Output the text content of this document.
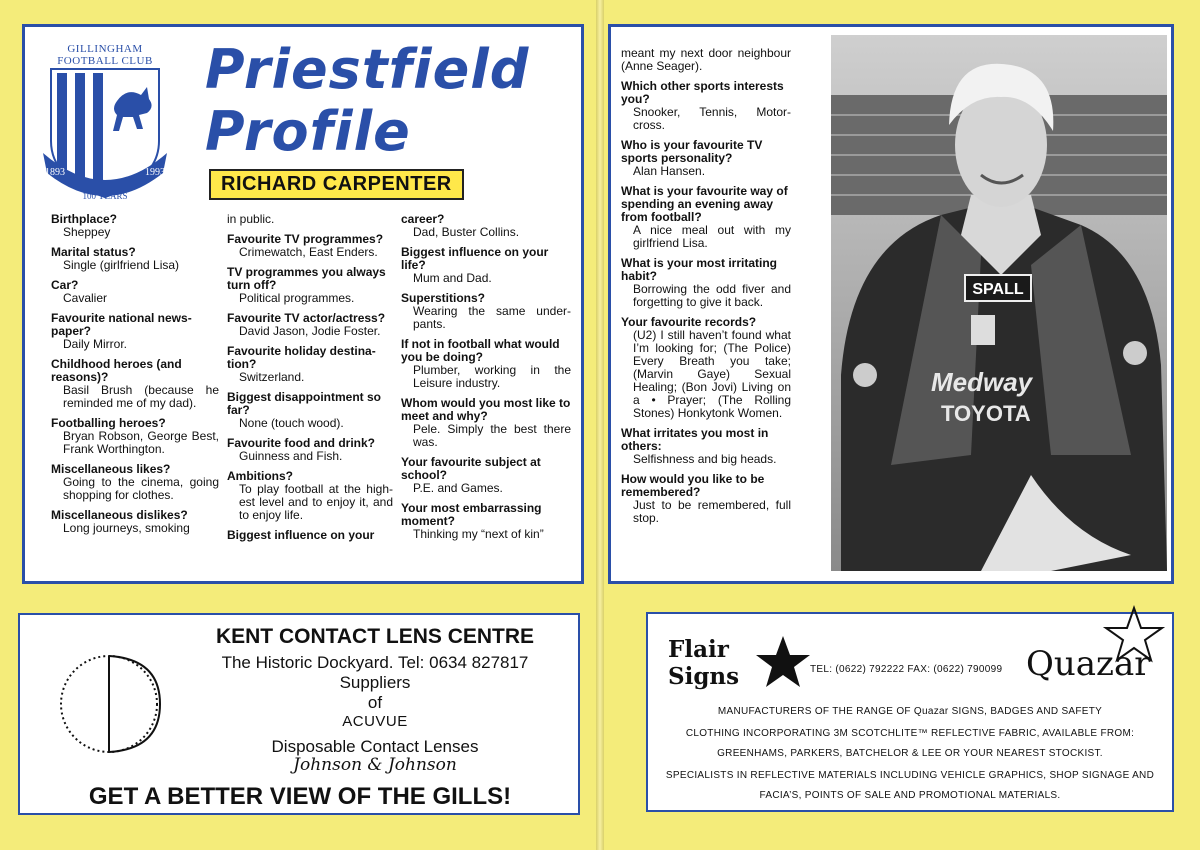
GILLINGHAM
FOOTBALL CLUB
1893	1993
100 YEARS
Priestfield
Profile
RICHARD CARPENTER
Birthplace?
Sheppey
Marital status?
Single (girlfriend Lisa)
Car?
Cavalier
Favourite national news-paper?
Daily Mirror.
Childhood heroes (and reasons)?
Basil Brush (because he reminded me of my dad).
Footballing heroes?
Bryan Robson, George Best, Frank Worthington.
Miscellaneous likes?
Going to the cinema, going shopping for clothes.
Miscellaneous dislikes?
Long journeys, smoking
in public.
Favourite TV programmes?
Crimewatch, East Enders.
TV programmes you always turn off?
Political programmes.
Favourite TV actor/actress?
David Jason, Jodie Foster.
Favourite holiday destina-tion?
Switzerland.
Biggest disappointment so far?
None (touch wood).
Favourite food and drink?
Guinness and Fish.
Ambitions?
To play football at the high-est level and to enjoy it, and to enjoy life.
Biggest influence on your
career?
Dad, Buster Collins.
Biggest influence on your life?
Mum and Dad.
Superstitions?
Wearing the same under-pants.
If not in football what would you be doing?
Plumber, working in the Leisure industry.
Whom would you most like to meet and why?
Pele. Simply the best there was.
Your favourite subject at school?
P.E. and Games.
Your most embarrassing moment?
Thinking my “next of kin”
meant my next door neighbour (Anne Seager).
Which other sports interests you?
Snooker, Tennis, Motor-cross.
Who is your favourite TV sports personality?
Alan Hansen.
What is your favourite way of spending an evening away from football?
A nice meal out with my girlfriend Lisa.
What is your most irritating habit?
Borrowing the odd fiver and forgetting to give it back.
Your favourite records?
(U2) I still haven’t found what I’m looking for; (The Police) Every Breath you take; (Marvin Gaye) Sexual Healing; (Bon Jovi) Living on a • Prayer; (The Rolling Stones) Honkytonk Women.
What irritates you most in others:
Selfishness and big heads.
How would you like to be remembered?
Just to be remembered, full stop.
SPALL
Medway
TOYOTA
KENT CONTACT LENS CENTRE
The Historic Dockyard. Tel: 0634 827817
Suppliers
of
ACUVUE
Disposable Contact Lenses
Johnson & Johnson
GET A BETTER VIEW OF THE GILLS!
Flair
Signs	TEL: (0622) 792222 FAX: (0622) 790099 Quazar
MANUFACTURERS OF THE RANGE OF Quazar SIGNS, BADGES AND SAFETY
CLOTHING INCORPORATING 3M SCOTCHLITE™ REFLECTIVE FABRIC, AVAILABLE FROM:
GREENHAMS, PARKERS, BATCHELOR & LEE OR YOUR NEAREST STOCKIST.
SPECIALISTS IN REFLECTIVE MATERIALS INCLUDING VEHICLE GRAPHICS, SHOP SIGNAGE AND
FACIA’S, POINTS OF SALE AND PROMOTIONAL MATERIALS.
